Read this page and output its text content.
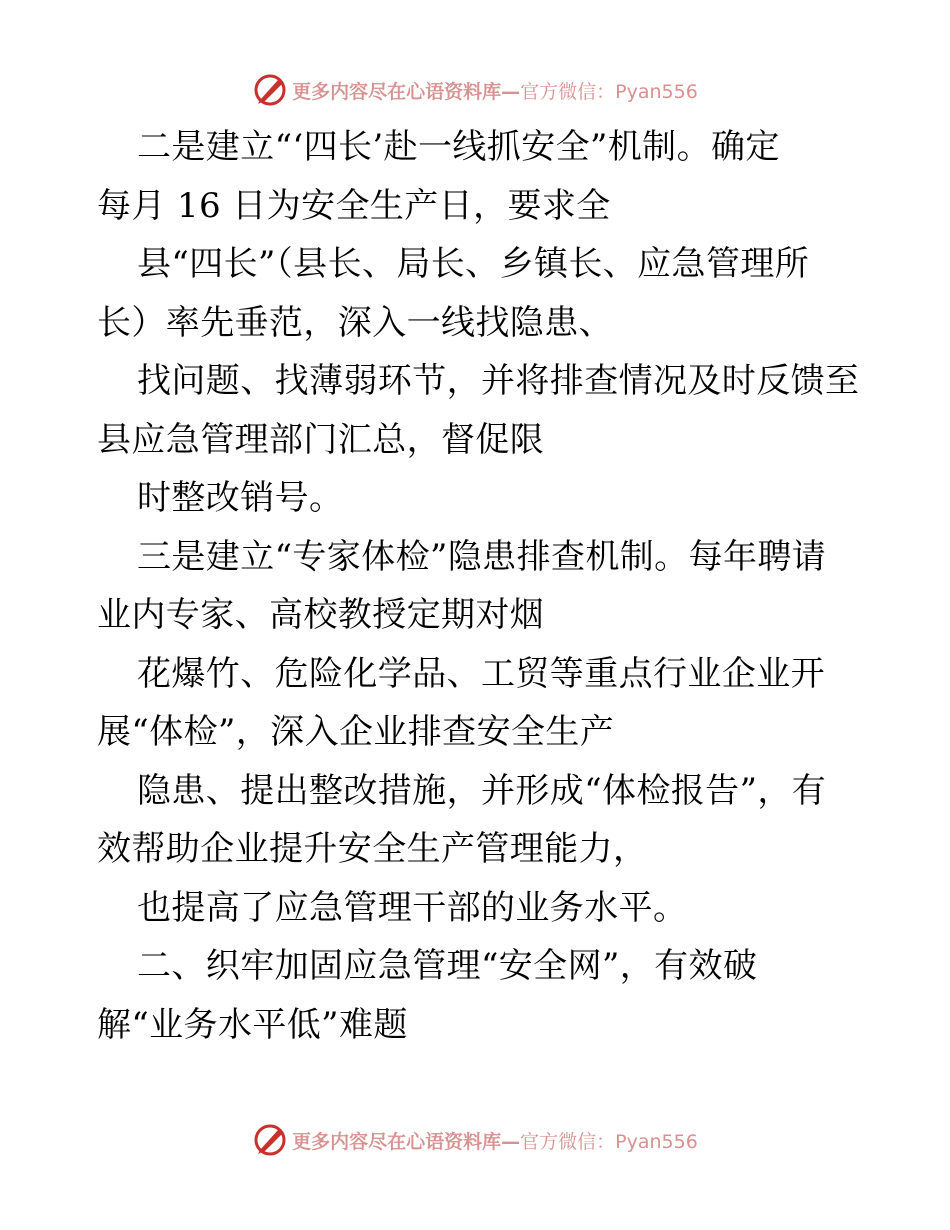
更多内容尽在心语资料库— 官方微信：Pyan556
二是建立“‘四长’赴一线抓安全”机制。确定
每月 16 日为安全生产日，要求全
县“四长”（县长、局长、乡镇长、应急管理所
长）率先垂范，深入一线找隐患、
找问题、找薄弱环节，并将排查情况及时反馈至
县应急管理部门汇总，督促限
时整改销号。
三是建立“专家体检”隐患排查机制。每年聘请
业内专家、高校教授定期对烟
花爆竹、危险化学品、工贸等重点行业企业开
展“体检”，深入企业排查安全生产
隐患、提出整改措施，并形成“体检报告”，有
效帮助企业提升安全生产管理能力，
也提高了应急管理干部的业务水平。
二、织牢加固应急管理“安全网”，有效破
解“业务水平低”难题
更多内容尽在心语资料库— 官方微信：Pyan556
